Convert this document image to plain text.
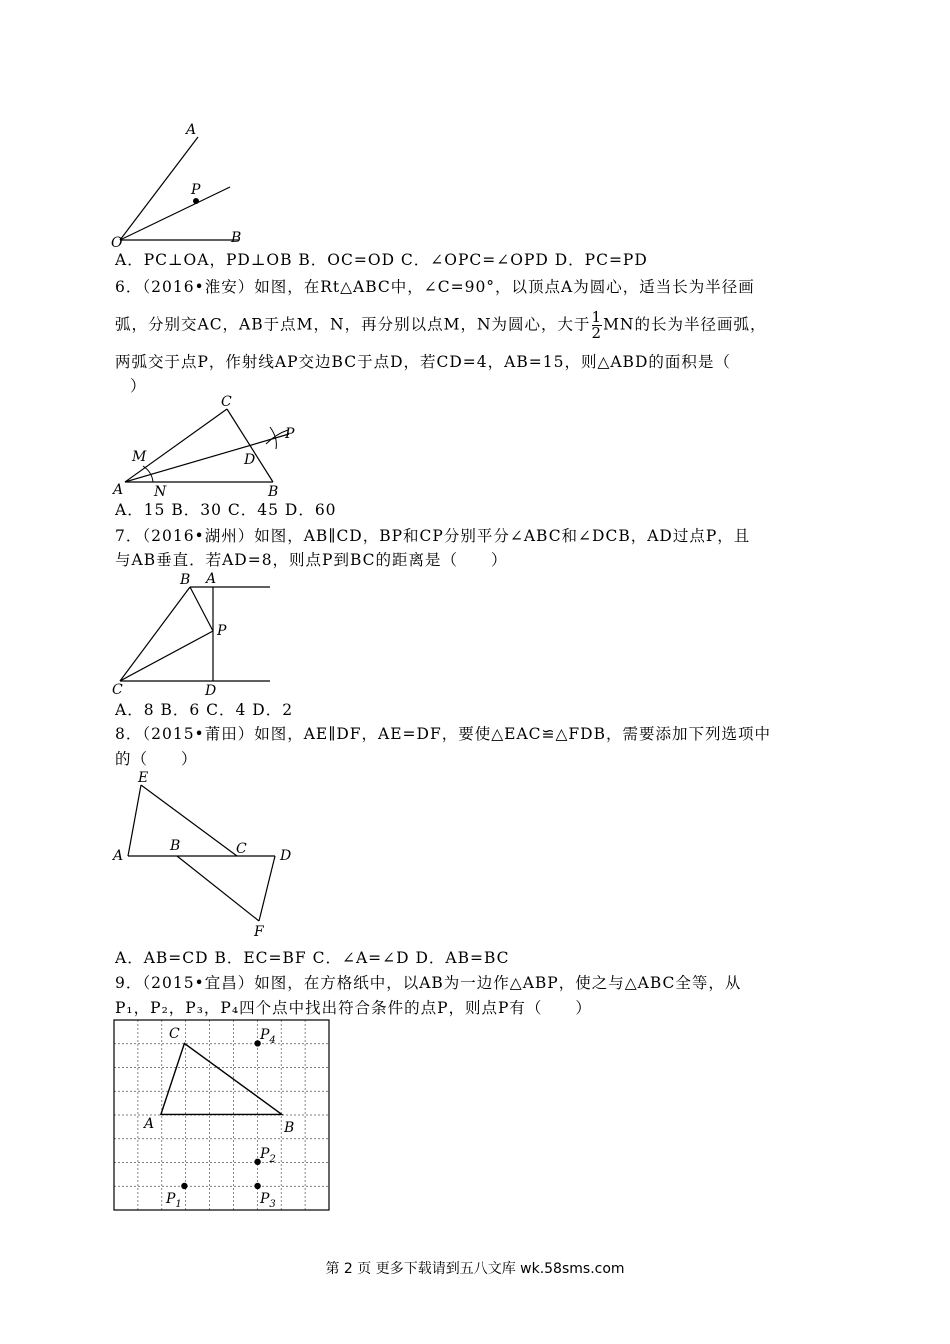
A
P
O	B
A．PC⊥OA，PD⊥OB B．OC=OD C．∠OPC=∠OPD D．PC=PD
6．（2016•淮安）如图，在Rt△ABC中，∠C=90°，以顶点A为圆心，适当长为半径画
弧，分别交AC，AB于点M，N，再分别以点M，N为圆心，大于 $\frac{1}{2}$ MN的长为半径画弧，
两弧交于点P，作射线AP交边BC于点D，若CD=4，AB=15，则△ABD的面积是（
）
C
M
P
D
A N	B
A．15 B．30 C．45 D．60
7．（2016•湖州）如图，AB∥CD，BP和CP分别平分∠ABC和∠DCB，AD过点P，且
与AB垂直．若AD=8，则点P到BC的距离是（　　）
B A
P
C	D
A．8 B．6 C．4 D．2
8．（2015•莆田）如图，AE∥DF，AE=DF，要使△EAC≌△FDB，需要添加下列选项中
的（　　）
E
A
B	C D
F
A．AB=CD B．EC=BF C．∠A=∠D D．AB=BC
9．（2015•宜昌）如图，在方格纸中，以AB为一边作△ABP，使之与△ABC全等，从
P₁，P₂，P₃，P₄四个点中找出符合条件的点P，则点P有（　　）
C
A	B
$P_4$
$P_2$
$P_3$
$P_1$
第 2 页 更多下载请到五八文库 wk.58sms.com
